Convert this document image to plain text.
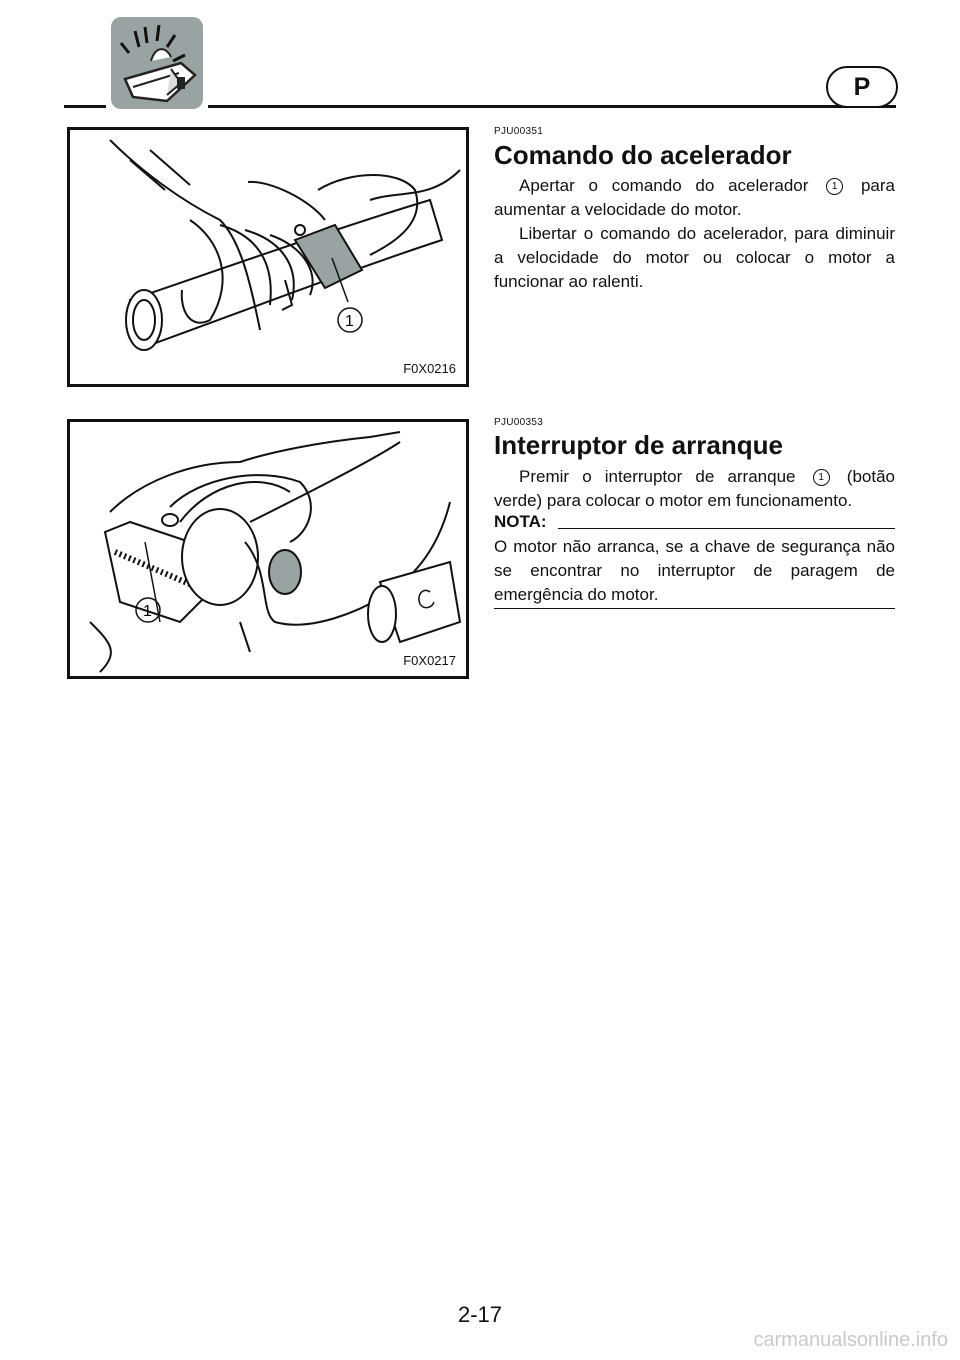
P
1
F0X0216
PJU00351
Comando do acelerador

Apertar o comando do acelerador 1 para aumentar a velocidade do motor.

Libertar o comando do acelerador, para diminuir a velocidade do motor ou colocar o motor a funcionar ao ralenti.

1
F0X0217
PJU00353
Interruptor de arranque

Premir o interruptor de arranque 1 (botão verde) para colocar o motor em funcionamento.

NOTA:

O motor não arranca, se a chave de segurança não se encontrar no interruptor de paragem de emergência do motor.

2-17
carmanualsonline.info
